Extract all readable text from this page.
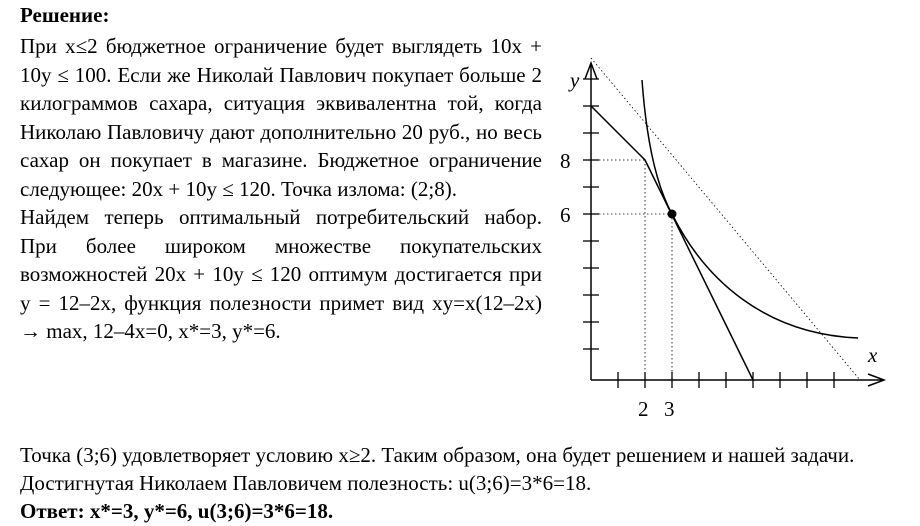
Решение:

При x≤2 бюджетное ограничение будет выглядеть 10x + 10y ≤ 100. Если же Николай Павлович покупает больше 2 килограммов сахара, ситуация эквивалентна той, когда Николаю Павловичу дают дополнительно 20 руб., но весь сахар он покупает в магазине. Бюджетное ограничение следующее: 20x + 10y ≤ 120. Точка излома: (2;8).

Найдем теперь оптимальный потребительский набор. При более широком множестве покупательских возможностей 20x + 10y ≤ 120 оптимум достигается при y = 12–2x, функция полезности примет вид xy=x(12–2x) → max, 12–4x=0, x*=3, y*=6.

y
8
6
x
2 3

Точка (3;6) удовлетворяет условию x≥2. Таким образом, она будет решением и нашей задачи. Достигнутая Николаем Павловичем полезность: u(3;6)=3*6=18.

Ответ: x*=3, y*=6, u(3;6)=3*6=18.
